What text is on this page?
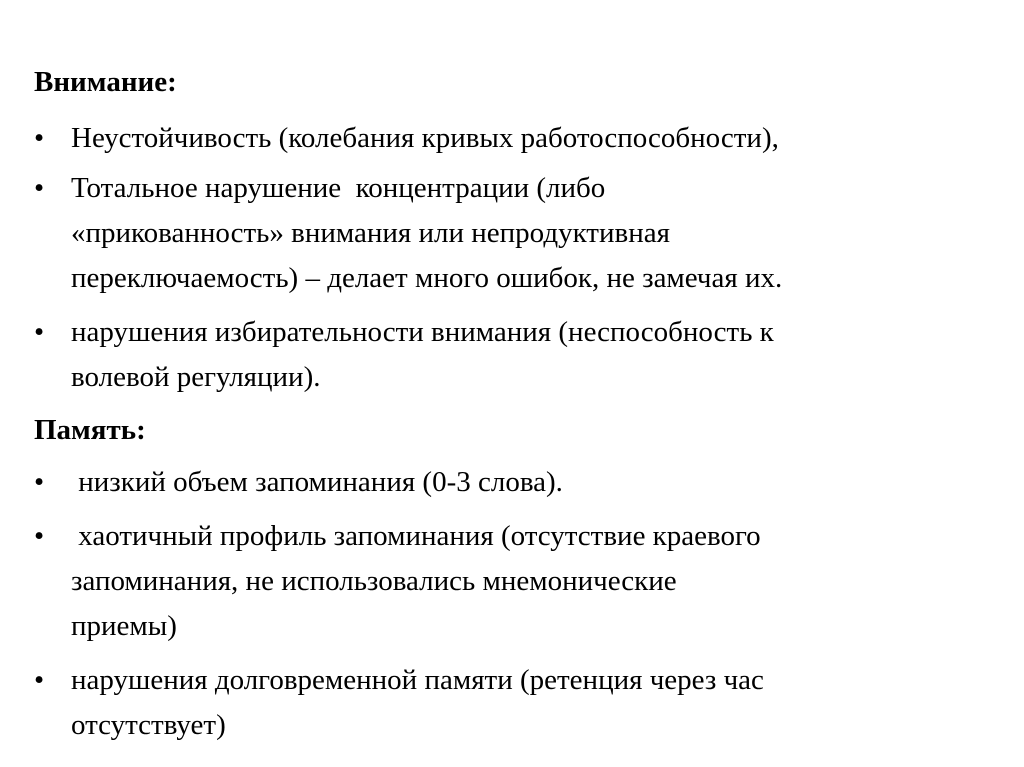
Внимание:
• Неустойчивость (колебания кривых работоспособности),
• Тотальное нарушение  концентрации (либо
«прикованность» внимания или непродуктивная
переключаемость) – делает много ошибок, не замечая их.
• нарушения избирательности внимания (неспособность к
волевой регуляции).
Память:
• низкий объем запоминания (0-3 слова).
• хаотичный профиль запоминания (отсутствие краевого
запоминания, не использовались мнемонические
приемы)
• нарушения долговременной памяти (ретенция через час
отсутствует)
